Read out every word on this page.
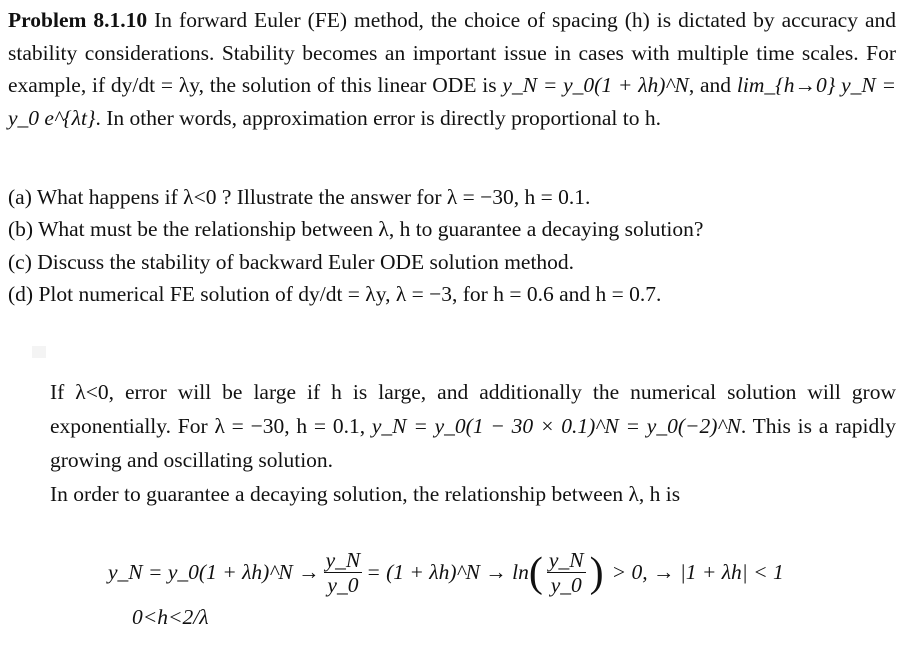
Problem 8.1.10 In forward Euler (FE) method, the choice of spacing (h) is dictated by accuracy and stability considerations. Stability becomes an important issue in cases with multiple time scales. For example, if dy/dt = λy, the solution of this linear ODE is y_N = y_0(1 + λh)^N, and lim_{h→0} y_N = y_0 e^{λt}. In other words, approximation error is directly proportional to h.
(a) What happens if λ<0 ? Illustrate the answer for λ = −30, h = 0.1.
(b) What must be the relationship between λ, h to guarantee a decaying solution?
(c) Discuss the stability of backward Euler ODE solution method.
(d) Plot numerical FE solution of dy/dt = λy, λ = −3, for h = 0.6 and h = 0.7.
If λ<0, error will be large if h is large, and additionally the numerical solution will grow exponentially. For λ = −30, h = 0.1, y_N = y_0(1 − 30 × 0.1)^N = y_0(−2)^N. This is a rapidly growing and oscillating solution.
In order to guarantee a decaying solution, the relationship between λ, h is
y_N = y_0(1 + λh)^N → $\frac{y\_N}{y\_0} = (1$ + λh)^N → ln ( $\frac{y\_N}{y\_0}$ ) > 0, → |1 + λh| < 1
0<h<2/λ
